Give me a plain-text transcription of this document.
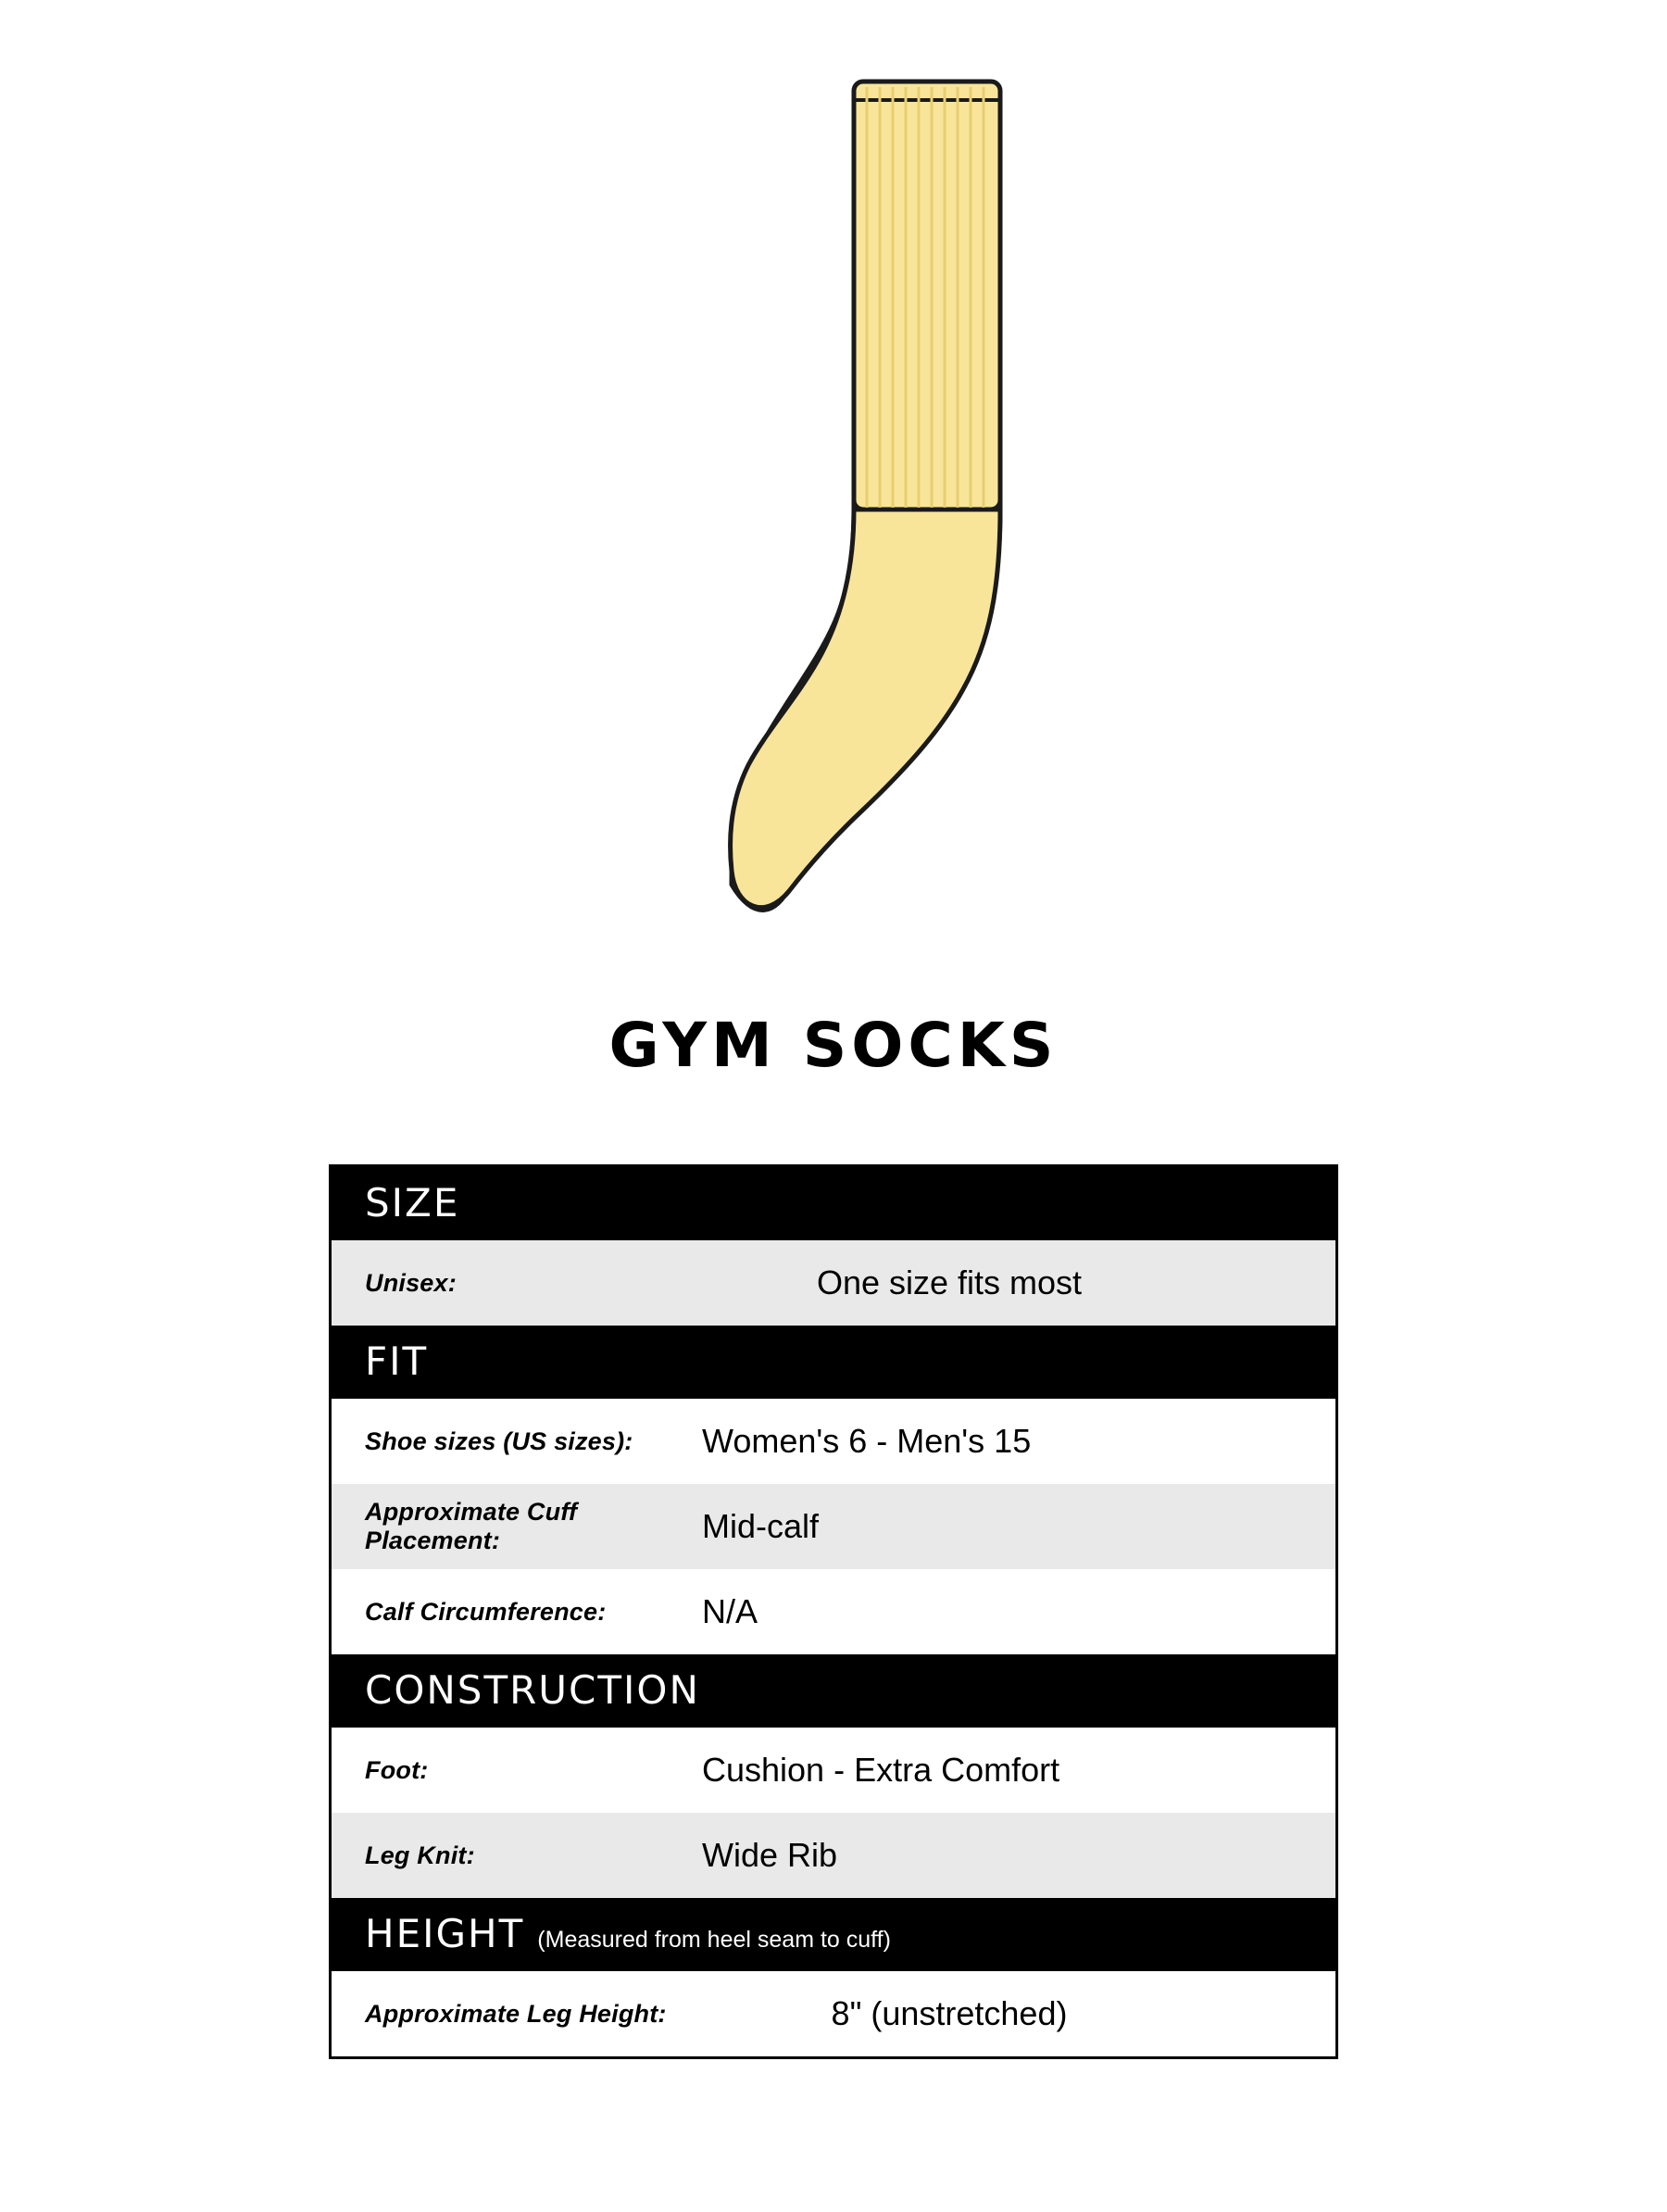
GYM SOCKS
SIZE
Unisex:	One size fits most
FIT
Shoe sizes (US sizes):	Women's 6 - Men's 15
Approximate Cuff Placement:	Mid-calf
Calf Circumference:	N/A
CONSTRUCTION
Foot:	Cushion - Extra Comfort
Leg Knit:	Wide Rib
HEIGHT (Measured from heel seam to cuff)
Approximate Leg Height:	8" (unstretched)
